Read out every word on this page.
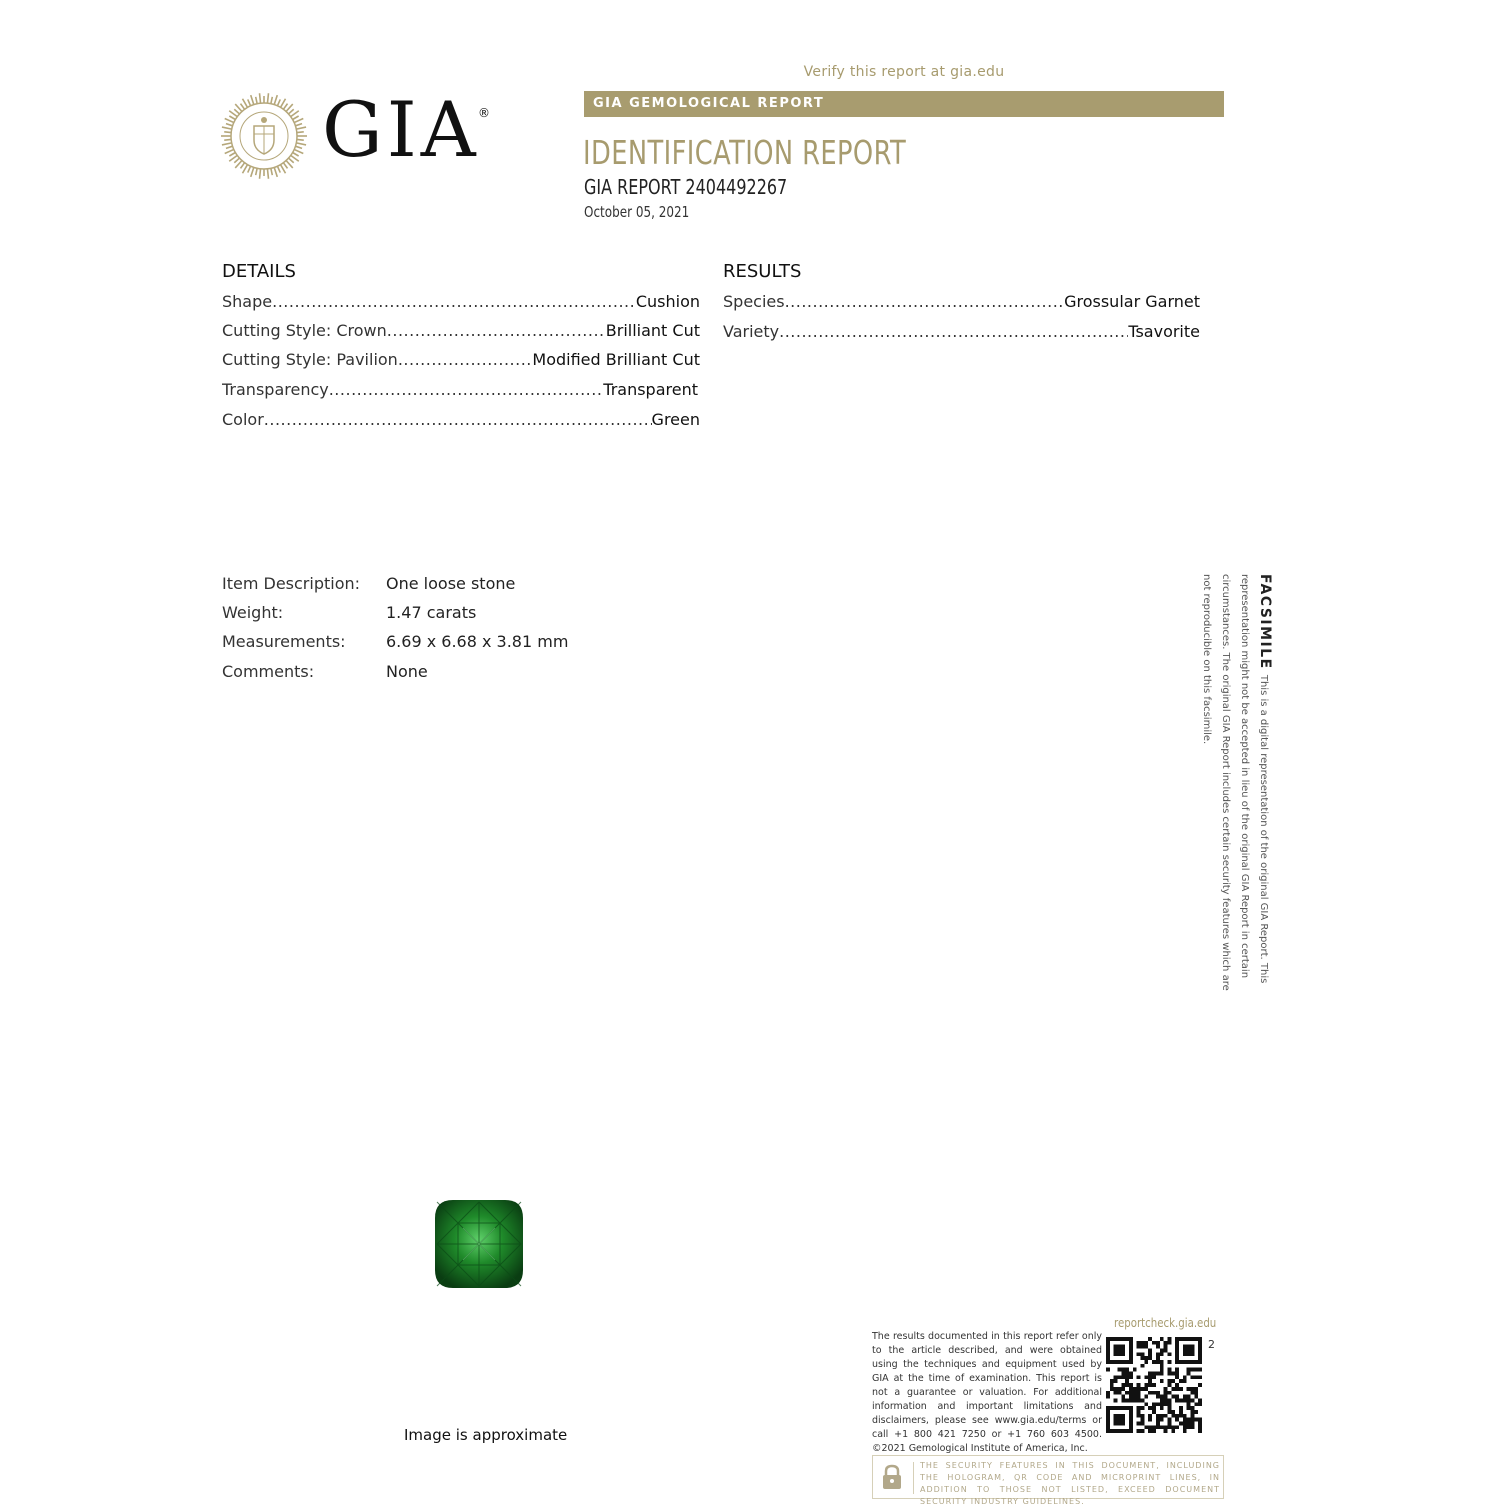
GIA
®
Verify this report at gia.edu
GIA GEMOLOGICAL REPORT
IDENTIFICATION REPORT
GIA REPORT 2404492267
October 05, 2021
DETAILS
Shape .....	Cushion
Cutting Style: Crown .....	Brilliant Cut
Cutting Style: Pavilion .....	Modified Brilliant Cut
Transparency .....	Transparent
Color .....	Green
RESULTS
Species .....	Grossular Garnet
Variety .....	Tsavorite
Item Description: One loose stone
Weight:	1.47 carats
Measurements:	6.69 x 6.68 x 3.81 mm
Comments:	None
FACSIMILE This is a digital representation of the original GIA Report. This representation might not be accepted in lieu of the original GIA Report in certain circumstances. The original GIA Report includes certain security features which are not reproducible on this facsimile.
Image is approximate
reportcheck.gia.edu
The results documented in this report refer only to the article described, and were obtained using the techniques and equipment used by GIA at the time of examination. This report is not a guarantee or valuation. For additional information and important limitations and disclaimers, please see www.gia.edu/terms or call +1 800 421 7250 or +1 760 603 4500. ©2021 Gemological Institute of America, Inc.
2
THE SECURITY FEATURES IN THIS DOCUMENT, INCLUDING THE HOLOGRAM, QR CODE AND MICROPRINT LINES, IN ADDITION TO THOSE NOT LISTED, EXCEED DOCUMENT SECURITY INDUSTRY GUIDELINES.
